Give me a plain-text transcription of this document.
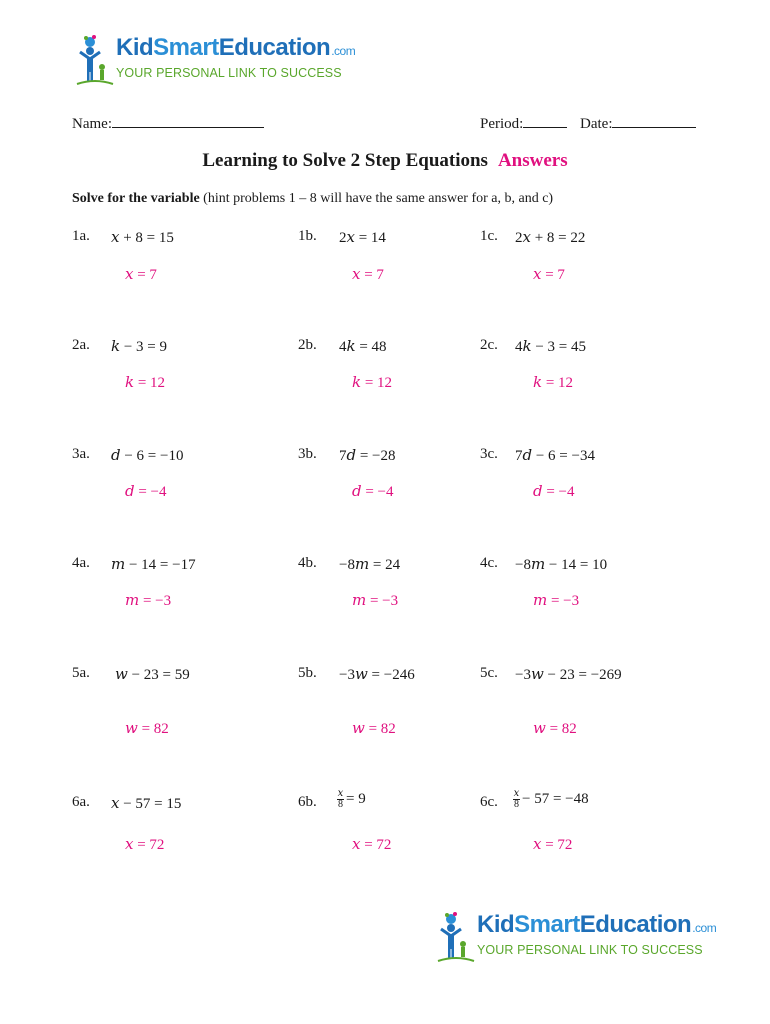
KidSmartEducation.com
YOUR PERSONAL LINK TO SUCCESS
Name:	Period:	Date:
Learning to Solve 2 Step Equations Answers
Solve for the variable (hint problems 1 – 8 will have the same answer for a, b, and c)
1a. 𝑥 + 8 = 15
𝑥 = 7
1b. 2𝑥 = 14
𝑥 = 7
1c. 2𝑥 + 8 = 22
𝑥 = 7
2a. 𝑘 − 3 = 9
𝑘 = 12
2b. 4𝑘 = 48
𝑘 = 12
2c. 4𝑘 − 3 = 45
𝑘 = 12
3a. 𝑑 − 6 = −10
𝑑 = −4
3b. 7𝑑 = −28
𝑑 = −4
3c. 7𝑑 − 6 = −34
𝑑 = −4
4a. 𝑚 − 14 = −17
𝑚 = −3
4b. −8𝑚 = 24
𝑚 = −3
4c. −8𝑚 − 14 = 10
𝑚 = −3
5a. 𝑤 − 23 = 59
𝑤 = 82
5b. −3𝑤 = −246
𝑤 = 82
5c. −3𝑤 − 23 = −269
𝑤 = 82
6a. 𝑥 − 57 = 15
𝑥 = 72
6b. $\frac{\text{𝑥}}{8} = 9$
𝑥 = 72
6c. $\frac{\text{𝑥}}{8} - 57 = -48$
𝑥 = 72
KidSmartEducation.com
YOUR PERSONAL LINK TO SUCCESS
